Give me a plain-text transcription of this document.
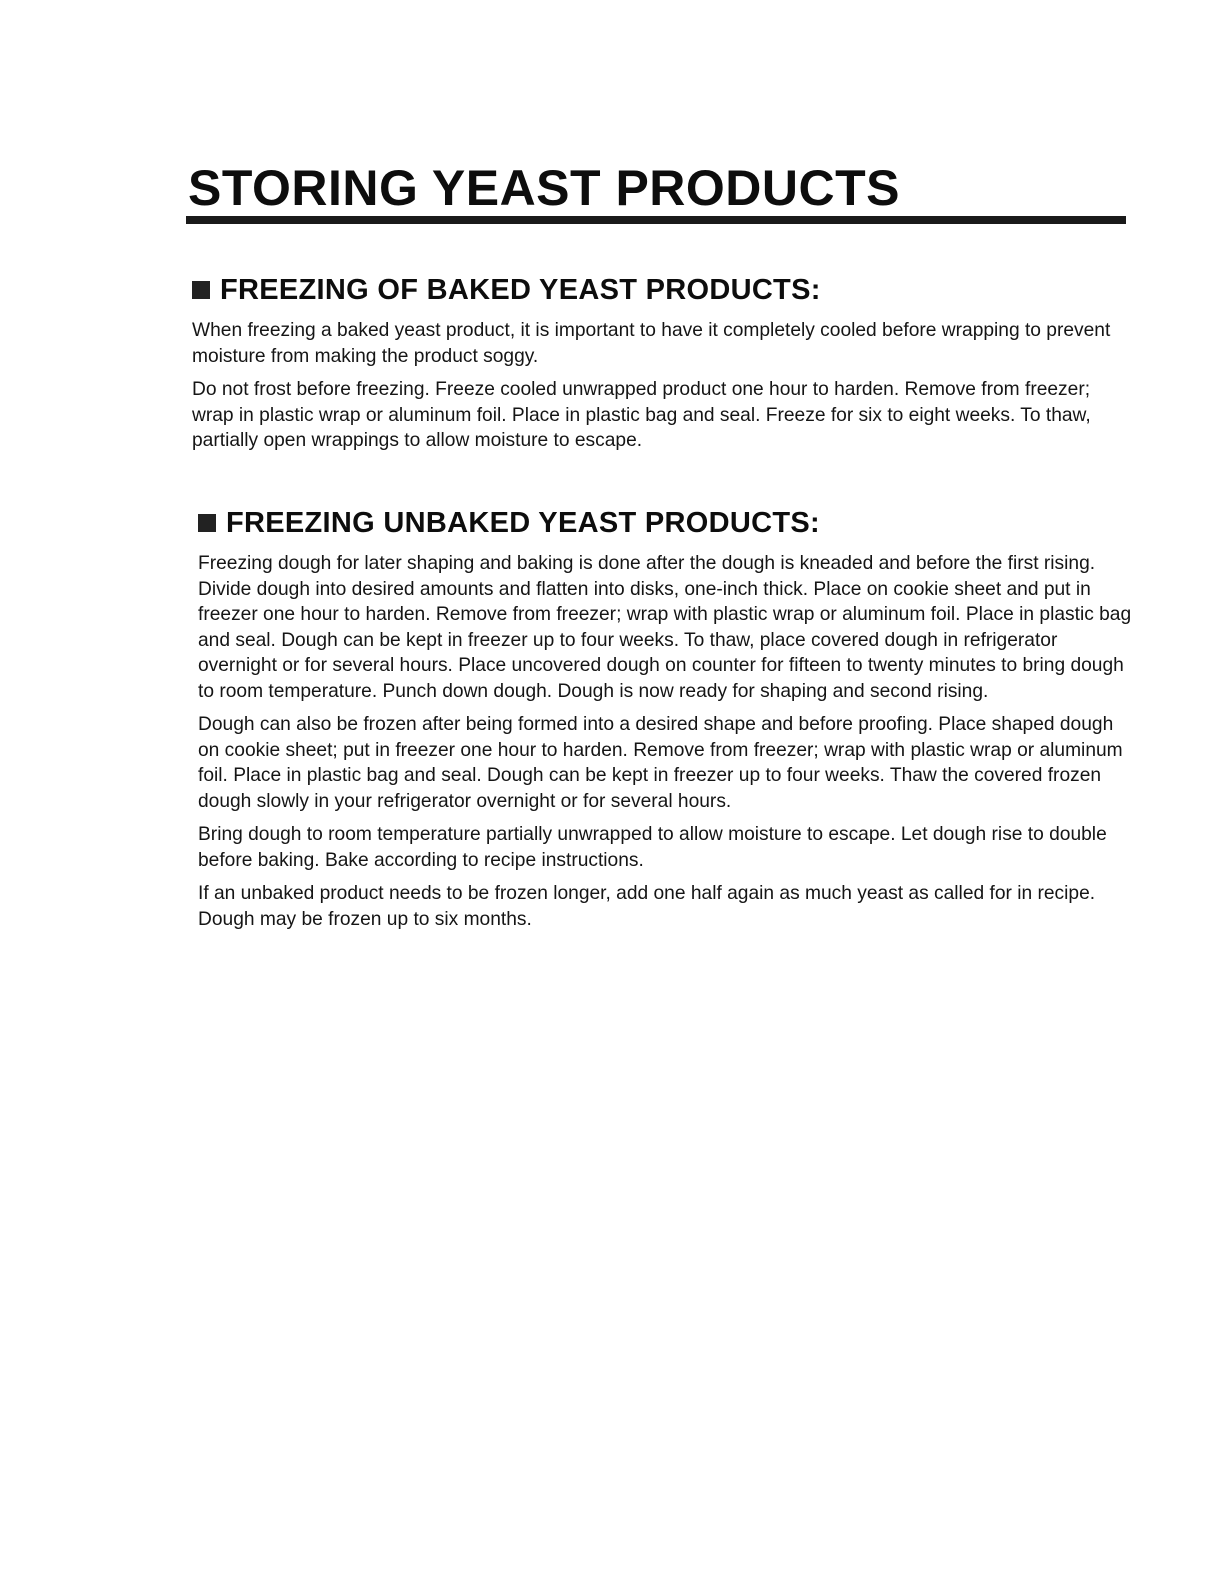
STORING YEAST PRODUCTS
FREEZING OF BAKED YEAST PRODUCTS:

When freezing a baked yeast product, it is important to have it completely cooled before wrapping to prevent moisture from making the product soggy.

Do not frost before freezing. Freeze cooled unwrapped product one hour to harden. Remove from freezer; wrap in plastic wrap or aluminum foil. Place in plastic bag and seal. Freeze for six to eight weeks. To thaw, partially open wrappings to allow moisture to escape.

FREEZING UNBAKED YEAST PRODUCTS:

Freezing dough for later shaping and baking is done after the dough is kneaded and before the first rising. Divide dough into desired amounts and flatten into disks, one-inch thick. Place on cookie sheet and put in freezer one hour to harden. Remove from freezer; wrap with plastic wrap or aluminum foil. Place in plastic bag and seal. Dough can be kept in freezer up to four weeks. To thaw, place covered dough in refrigerator overnight or for several hours. Place uncovered dough on counter for fifteen to twenty minutes to bring dough to room temperature. Punch down dough. Dough is now ready for shaping and second rising.

Dough can also be frozen after being formed into a desired shape and before proofing. Place shaped dough on cookie sheet; put in freezer one hour to harden. Remove from freezer; wrap with plastic wrap or aluminum foil. Place in plastic bag and seal. Dough can be kept in freezer up to four weeks. Thaw the covered frozen dough slowly in your refrigerator overnight or for several hours.

Bring dough to room temperature partially unwrapped to allow moisture to escape. Let dough rise to double before baking. Bake according to recipe instructions.

If an unbaked product needs to be frozen longer, add one half again as much yeast as called for in recipe. Dough may be frozen up to six months.
